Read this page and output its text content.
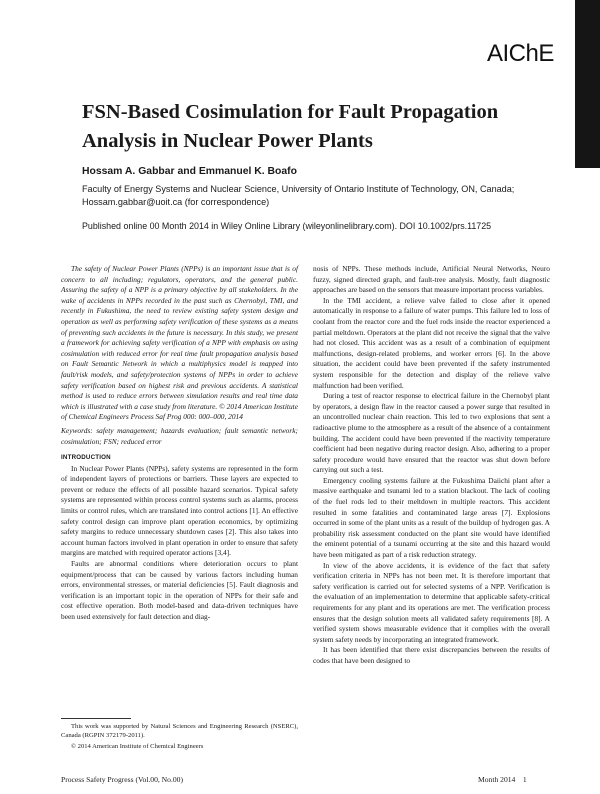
AIChE
FSN-Based Cosimulation for Fault Propagation
Analysis in Nuclear Power Plants

Hossam A. Gabbar and Emmanuel K. Boafo

Faculty of Energy Systems and Nuclear Science, University of Ontario Institute of Technology, ON, Canada;
Hossam.gabbar@uoit.ca (for correspondence)

Published online 00 Month 2014 in Wiley Online Library (wileyonlinelibrary.com). DOI 10.1002/prs.11725

The safety of Nuclear Power Plants (NPPs) is an important issue that is of concern to all including; regulators, operators, and the general public. Assuring the safety of a NPP is a primary objective by all stakeholders. In the wake of accidents in NPPs recorded in the past such as Chernobyl, TMI, and recently in Fukushima, the need to review existing safety system design and operation as well as performing safety verification of these systems as a means of preventing such accidents in the future is necessary. In this study, we present a framework for achieving safety verification of a NPP with emphasis on using cosimulation with reduced error for real time fault propagation analysis based on Fault Semantic Network in which a multiphysics model is mapped into fault/risk models, and safety/protection systems of NPPs in order to achieve safety verification based on highest risk and previous accidents. A statistical method is used to reduce errors between simulation results and real time data which is illustrated with a case study from literature. © 2014 American Institute of Chemical Engineers Process Saf Prog 000: 000–000, 2014

Keywords: safety management; hazards evaluation; fault semantic network; cosimulation; FSN; reduced error

INTRODUCTION

In Nuclear Power Plants (NPPs), safety systems are represented in the form of independent layers of protections or barriers. These layers are expected to prevent or reduce the effects of all possible hazard scenarios. Typical safety systems are represented within process control systems such as alarms, process limits or control rules, which are translated into control actions [1]. An effective safety control design can improve plant operation economics, by optimizing safety margins to reduce unnecessary shutdown cases [2]. This also takes into account human factors involved in plant operation in order to ensure that safety margins are matched with required operator actions [3,4].

Faults are abnormal conditions where deterioration occurs to plant equipment/process that can be caused by various factors including human errors, environmental stresses, or material deficiencies [5]. Fault diagnosis and verification is an important topic in the operation of NPPs for their safe and cost effective operation. Both model-based and data-driven techniques have been used extensively for fault detection and diag-

nosis of NPPs. These methods include, Artificial Neural Networks, Neuro fuzzy, signed directed graph, and fault-tree analysis. Mostly, fault diagnostic approaches are based on the sensors that measure important process variables.

In the TMI accident, a relieve valve failed to close after it opened automatically in response to a failure of water pumps. This failure led to loss of coolant from the reactor core and the fuel rods inside the reactor experienced a partial meltdown. Operators at the plant did not receive the signal that the valve had not closed. This accident was as a result of a combination of equipment malfunctions, design-related problems, and worker errors [6]. In the above situation, the accident could have been prevented if the safety instrumented system responsible for the detection and display of the relieve valve malfunction had been verified.

During a test of reactor response to electrical failure in the Chernobyl plant by operators, a design flaw in the reactor caused a power surge that resulted in an uncontrolled nuclear chain reaction. This led to two explosions that sent a radioactive plume to the atmosphere as a result of the absence of a containment building. The accident could have been prevented if the reactivity temperature coefficient had been negative during reactor design. Also, adhering to a proper safety procedure would have ensured that the reactor was shut down before carrying out such a test.

Emergency cooling systems failure at the Fukushima Daiichi plant after a massive earthquake and tsunami led to a station blackout. The lack of cooling of the fuel rods led to their meltdown in multiple reactors. This accident resulted in some fatalities and contaminated large areas [7]. Explosions occurred in some of the plant units as a result of the buildup of hydrogen gas. A probability risk assessment conducted on the plant site would have identified the eminent potential of a tsunami occurring at the site and this hazard would have been mitigated as part of a risk reduction strategy.

In view of the above accidents, it is evidence of the fact that safety verification criteria in NPPs has not been met. It is therefore important that safety verification is carried out for selected systems of a NPP. Verification is the evaluation of an implementation to determine that applicable safety-critical requirements for any plant and its operations are met. The verification process ensures that the design solution meets all validated safety requirements [8]. A verified system shows measurable evidence that it complies with the overall system safety needs by incorporating an integrated framework.

It has been identified that there exist discrepancies between the results of codes that have been designed to

This work was supported by Natural Sciences and Engineering Research (NSERC), Canada (RGPIN 372179-2011).

© 2014 American Institute of Chemical Engineers

Process Safety Progress (Vol.00, No.00)	Month 2014    1
